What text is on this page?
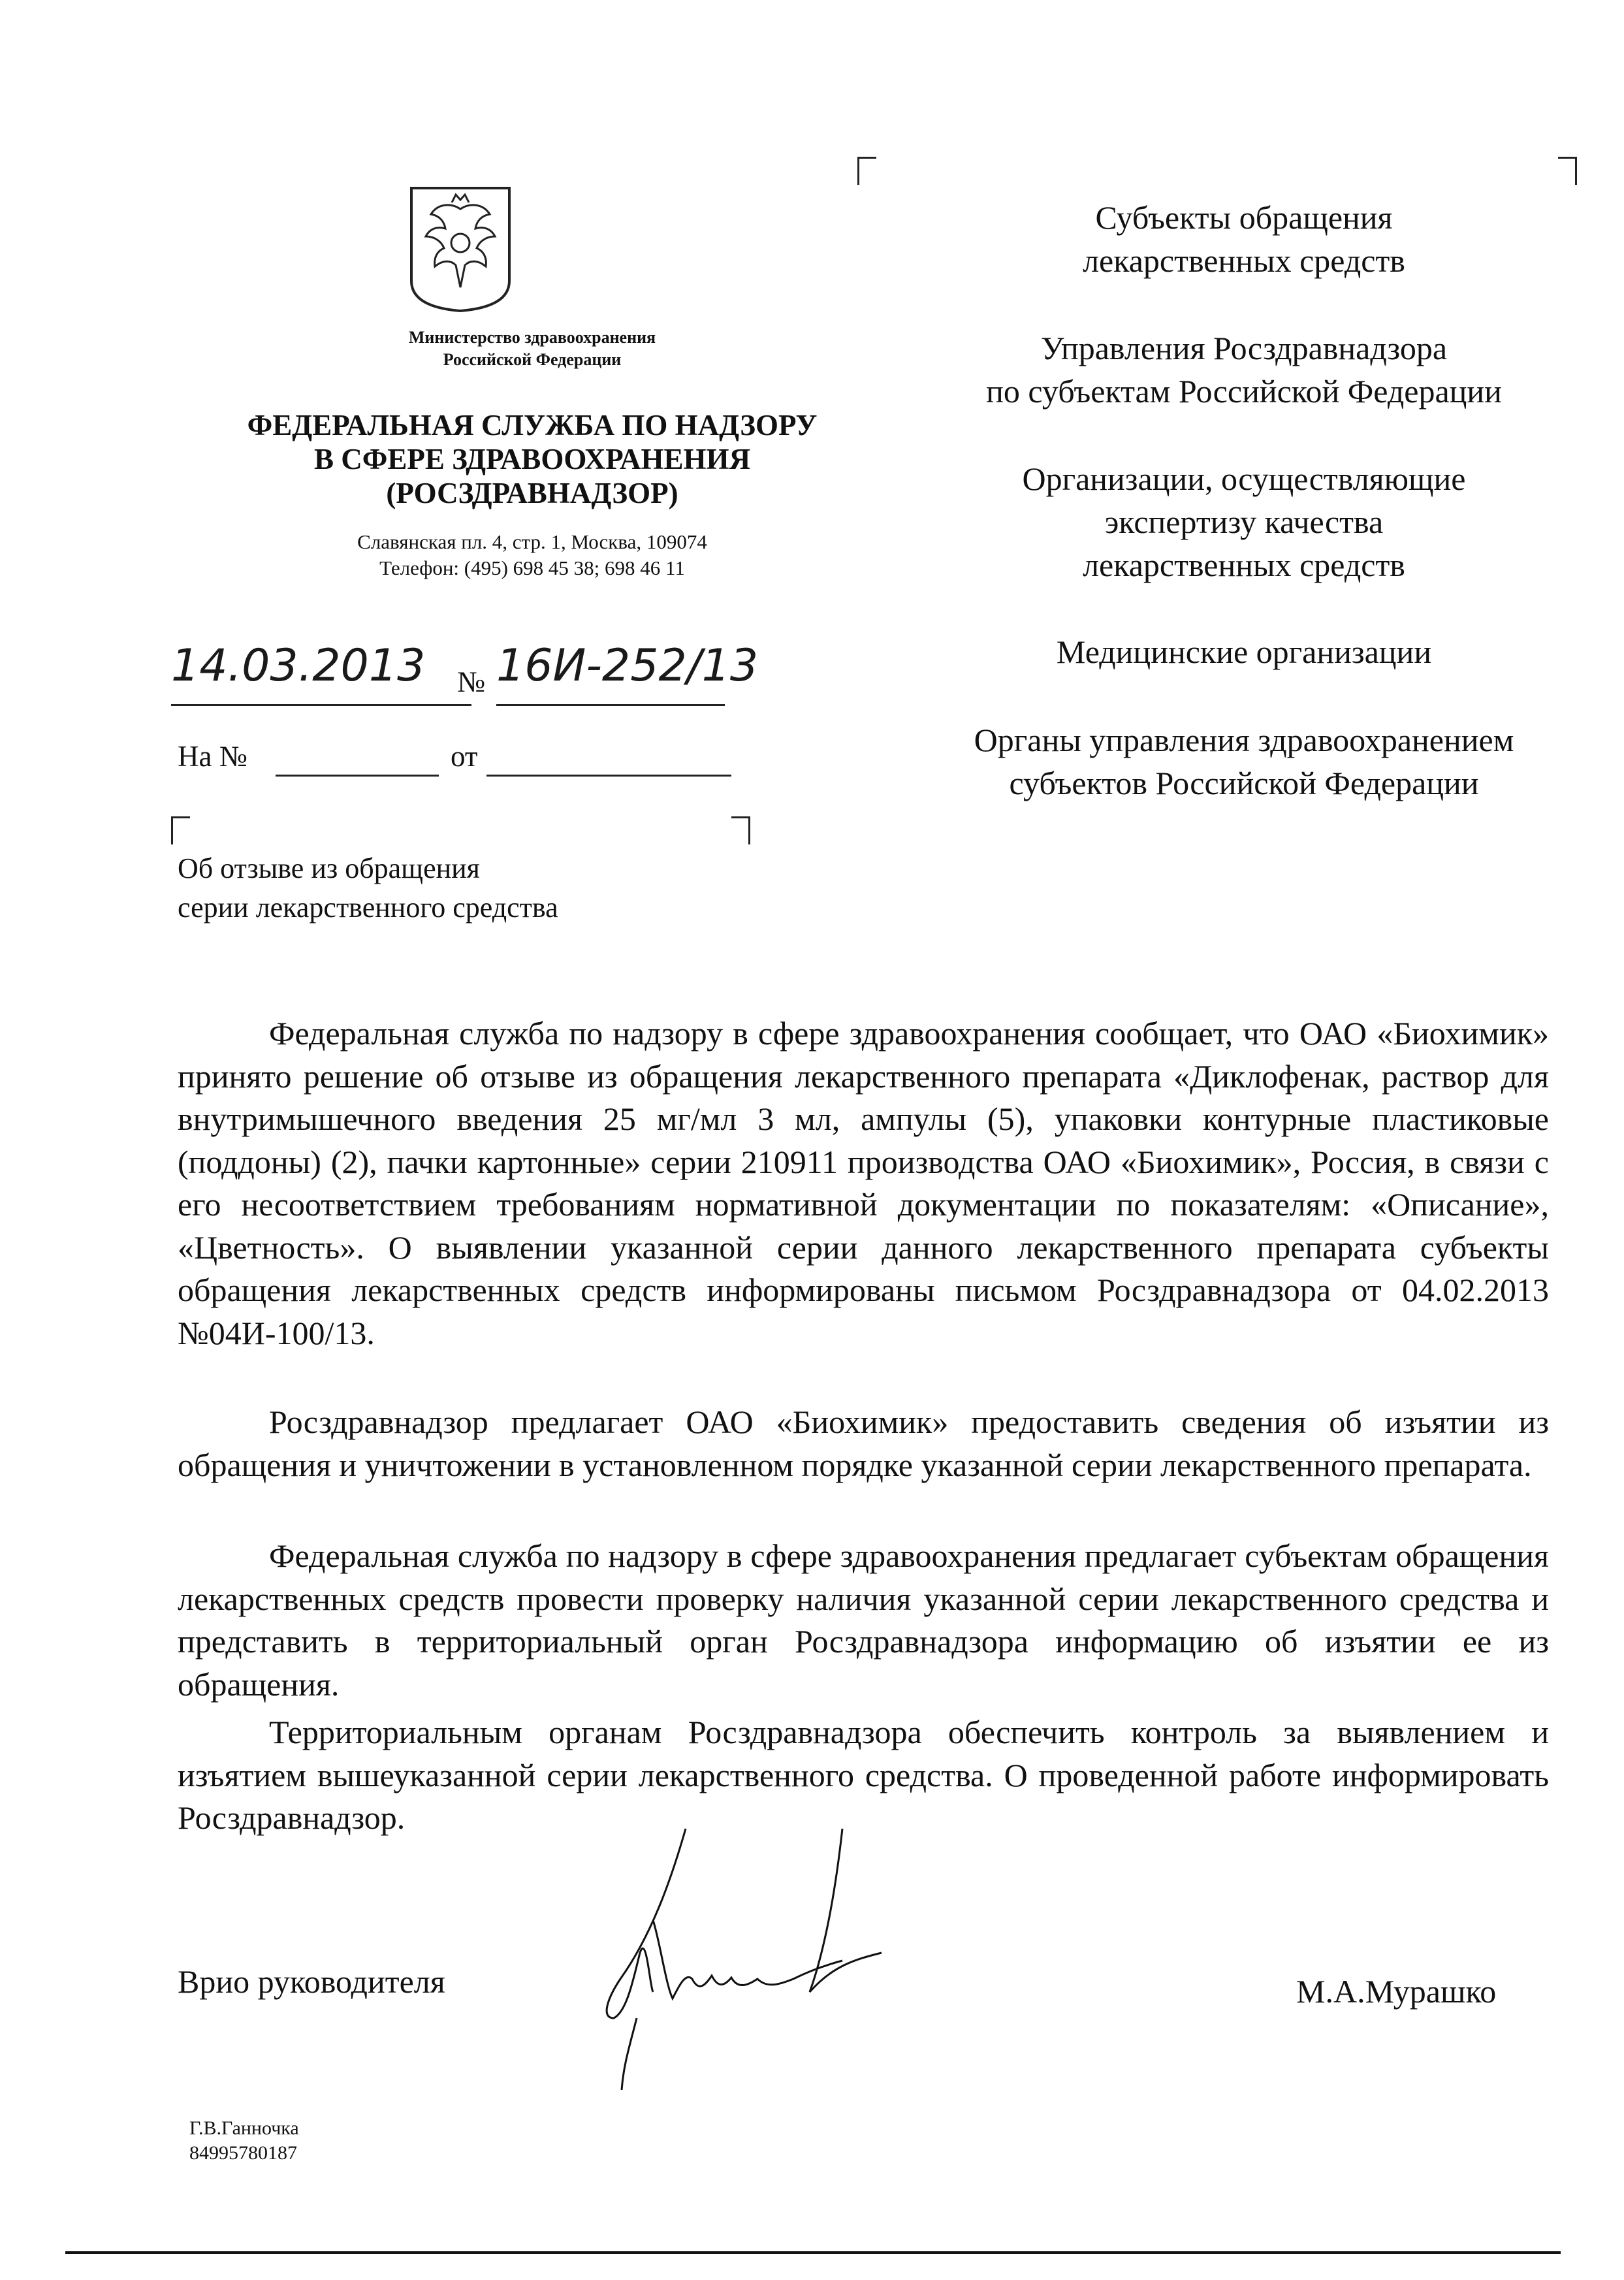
Министерство здравоохранения
Российской Федерации
ФЕДЕРАЛЬНАЯ СЛУЖБА ПО НАДЗОРУ
В СФЕРЕ ЗДРАВООХРАНЕНИЯ
(РОСЗДРАВНАДЗОР)
Славянская пл. 4, стр. 1, Москва, 109074
Телефон: (495) 698 45 38; 698 46 11
14.03.2013 № 16И-252/13
На №	от
Субъекты обращения
лекарственных средств
Управления Росздравнадзора
по субъектам Российской Федерации
Организации, осуществляющие
экспертизу качества
лекарственных средств
Медицинские организации
Органы управления здравоохранением
субъектов Российской Федерации
Об отзыве из обращения
серии лекарственного средства

Федеральная служба по надзору в сфере здравоохранения сообщает, что ОАО «Биохимик» принято решение об отзыве из обращения лекарственного препарата «Диклофенак, раствор для внутримышечного введения 25 мг/мл 3 мл, ампулы (5), упаковки контурные пластиковые (поддоны) (2), пачки картонные» серии 210911 производства ОАО «Биохимик», Россия, в связи с его несоответствием требованиям нормативной документации по показателям: «Описание», «Цветность». О выявлении указанной серии данного лекарственного препарата субъекты обращения лекарственных средств информированы письмом Росздравнадзора от 04.02.2013 №04И-100/13.

Росздравнадзор предлагает ОАО «Биохимик» предоставить сведения об изъятии из обращения и уничтожении в установленном порядке указанной серии лекарственного препарата.

Федеральная служба по надзору в сфере здравоохранения предлагает субъектам обращения лекарственных средств провести проверку наличия указанной серии лекарственного средства и представить в территориальный орган Росздравнадзора информацию об изъятии ее из обращения.

Территориальным органам Росздравнадзора обеспечить контроль за выявлением и изъятием вышеуказанной серии лекарственного средства. О проведенной работе информировать Росздравнадзор.

Врио руководителя	М.А.Мурашко
Г.В.Ганночка
84995780187
